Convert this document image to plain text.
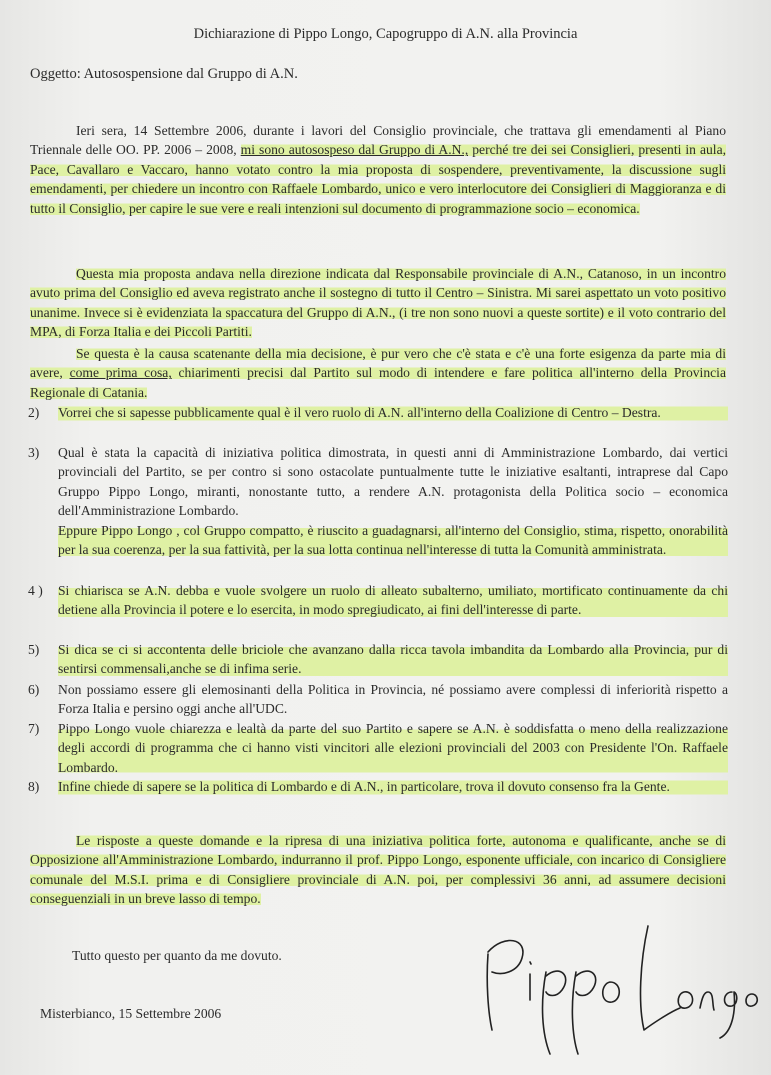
Dichiarazione di Pippo Longo, Capogruppo di A.N. alla Provincia
Oggetto: Autosospensione dal Gruppo di A.N.

Ieri sera, 14 Settembre 2006, durante i lavori del Consiglio provinciale, che trattava gli emendamenti al Piano Triennale delle OO. PP. 2006 – 2008, mi sono autosospeso dal Gruppo di A.N., perché tre dei sei Consiglieri, presenti in aula, Pace, Cavallaro e Vaccaro, hanno votato contro la mia proposta di sospendere, preventivamente, la discussione sugli emendamenti, per chiedere un incontro con Raffaele Lombardo, unico e vero interlocutore dei Consiglieri di Maggioranza e di tutto il Consiglio, per capire le sue vere e reali intenzioni sul documento di programmazione socio – economica.

Questa mia proposta andava nella direzione indicata dal Responsabile provinciale di A.N., Catanoso, in un incontro avuto prima del Consiglio ed aveva registrato anche il sostegno di tutto il Centro – Sinistra. Mi sarei aspettato un voto positivo unanime. Invece si è evidenziata la spaccatura del Gruppo di A.N., (i tre non sono nuovi a queste sortite) e il voto contrario del MPA, di Forza Italia e dei Piccoli Partiti.

Se questa è la causa scatenante della mia decisione, è pur vero che c'è stata e c'è una forte esigenza da parte mia di avere, come prima cosa, chiarimenti precisi dal Partito sul modo di intendere e fare politica all'interno della Provincia Regionale di Catania.

2) Vorrei che si sapesse pubblicamente qual è il vero ruolo di A.N. all'interno della Coalizione di Centro – Destra.
3) Qual è stata la capacità di iniziativa politica dimostrata, in questi anni di Amministrazione Lombardo, dai vertici provinciali del Partito, se per contro si sono ostacolate puntualmente tutte le iniziative esaltanti, intraprese dal Capo Gruppo Pippo Longo, miranti, nonostante tutto, a rendere A.N. protagonista della Politica socio – economica dell'Amministrazione Lombardo.
Eppure Pippo Longo , col Gruppo compatto, è riuscito a guadagnarsi, all'interno del Consiglio, stima, rispetto, onorabilità per la sua coerenza, per la sua fattività, per la sua lotta continua nell'interesse di tutta la Comunità amministrata.
4 ) Si chiarisca se A.N. debba e vuole svolgere un ruolo di alleato subalterno, umiliato, mortificato continuamente da chi detiene alla Provincia il potere e lo esercita, in modo spregiudicato, ai fini dell'interesse di parte.
5) Si dica se ci si accontenta delle briciole che avanzano dalla ricca tavola imbandita da Lombardo alla Provincia, pur di sentirsi commensali,anche se di infima serie.
6) Non possiamo essere gli elemosinanti della Politica in Provincia, né possiamo avere complessi di inferiorità rispetto a Forza Italia e persino oggi anche all'UDC.
7) Pippo Longo vuole chiarezza e lealtà da parte del suo Partito e sapere se A.N. è soddisfatta o meno della realizzazione degli accordi di programma che ci hanno visti vincitori alle elezioni provinciali del 2003 con Presidente l'On. Raffaele Lombardo.
8) Infine chiede di sapere se la politica di Lombardo e di A.N., in particolare, trova il dovuto consenso fra la Gente.

Le risposte a queste domande e la ripresa di una iniziativa politica forte, autonoma e qualificante, anche se di Opposizione all'Amministrazione Lombardo, indurranno il prof. Pippo Longo, esponente ufficiale, con incarico di Consigliere comunale del M.S.I. prima e di Consigliere provinciale di A.N. poi, per complessivi 36 anni, ad assumere decisioni conseguenziali in un breve lasso di tempo.

Tutto questo per quanto da me dovuto.
Misterbianco, 15 Settembre 2006
